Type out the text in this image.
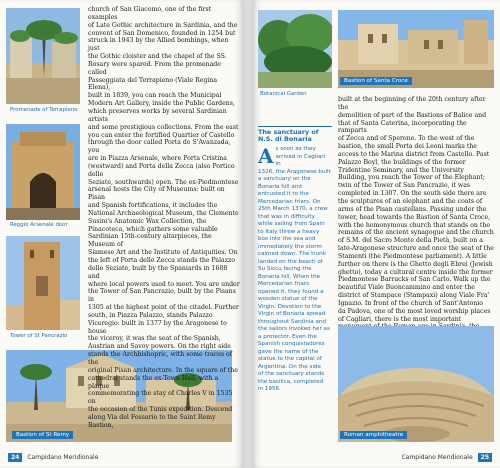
Promenade of Terrapieno
Reggio Arsenale door
Tower of St Pancrazio
Bastion of St Remy
church of San Giacomo, one of the first examples
of Late Gothic architecture in Sardinia, and the
convent of San Domenico, founded in 1254 but
struck in 1943 by the Allied bombings, when just
the Gothic cloister and the chapel of the SS.
Rosary were spared. From the promenade called
Passeggiata del Terrapieno (Viale Regina Elena),
built in 1839, you can reach the Municipal
Modern Art Gallery, inside the Public Gardens,
which preserves works by several Sardinian artists
and some prestigious collections. From the east
you can enter the fortified Quartier of Castello
through the door called Porta de S'Avanzada, you
are in Piazza Arsenale, where Porta Cristina
(westward) and Porta della Zecca (also Portico delle
Seziate, southwards) open. The ex-Piedmontese
arsenal hosts the City of Museums: built on Pisan
and Spanish fortifications, it includes the
National Archaeological Museum, the Clemente
Susini's Anatomic Wax Collection, the
Pinacoteca, which gathers some valuable
Sardinian 15th-century altarpieces, the Museum of
Siamese Art and the Institute of Antiquities. On
the left of Porta delle Zecca stands the Palazzo
delle Seziate, built by the Spaniards in 1688 and
where local powers used to meet. You are under
the Tower of San Pancrazio, built by the Pisans in
1305 at the highest point of the citadel. Further
south, in Piazza Palazzo, stands Palazzo
Viceregio: built in 1377 by the Aragonese to house
the viceroy, it was the seat of the Spanish,
Austrian and Savoy powers. On the right side
stands the Archbishopric, with some traces of the
original Pisan architecture. In the square of the
cathedral stands the ex-Town Hall, with a plaque
commemorating the stay of Charles V in 1535 on
the occasion of the Tunis expedition. Descend
along Via del Fossario to the Saint Remy Bastion,
24	Campidano Meridionale
Botanical Garden
Bastion of Santa Croce
The sanctuary of
N.S. di Bonaria
A s soon as they
arrived in Cagliari in
1326, the Aragonese built
a sanctuary on the
Bonaria hill and
entrusted it to the
Mercedarian friars. On
25th March 1370, a crew
that was in difficulty
while sailing from Spain
to Italy threw a heavy
box into the sea and
immediately the storm
calmed down. The trunk
landed on the beach of
Su Siccu facing the
Bonaria hill. When the
Mercedarian friars
opened it, they found a
wooden statue of the
Virgin. Devotion to the
Virgin of Bonaria spread
throughout Sardinia and
the sailors invoked her as
a protector. Even the
Spanish conquistadores
gave the name of the
statue to the capital of
Argentina. On the side
of the sanctuary stands
the basilica, completed
in 1956.
built at the beginning of the 20th century after the
demolition of part of the Bastions of Balice and
that of Santa Caterina, incorporating the ramparts
of Zecca and of Sperone. To the west of the
bastion, the small Porta dei Leoni marks the
access to the Marina district from Castello. Past
Palazzo Boyl, the buildings of the former
Tridentine Seminary, and the University
Building, you reach the Tower of the Elephant;
twin of the Tower of San Pancrazio, it was
completed in 1307. On the south side there are
the sculptures of an elephant and the coats of
arms of the Pisan castellans. Passing under the
tower, head towards the Bastion of Santa Croce,
with the homonymous church that stands on the
remains of the ancient synagogue and the church
of S.M. del Sacro Monte della Pietà, built on a
late-Aragonese structure and once the seat of the
Stamenti (the Piedmontese parliament). A little
further on there is the Ghetto degli Ebrei (Jewish
ghetto), today a cultural centre inside the former
Piedmontese Barracks of San Carlo. Walk up the
beautiful Viale Buoncammino and enter the
district of Stampace (Stampaxi) along Viale Fra'
Ignazio. In front of the church of Sant'Antonio
da Padova, one of the most loved worship places
of Cagliari, there is the most important
Roman amphitheatre
Campidano Meridionale	25
